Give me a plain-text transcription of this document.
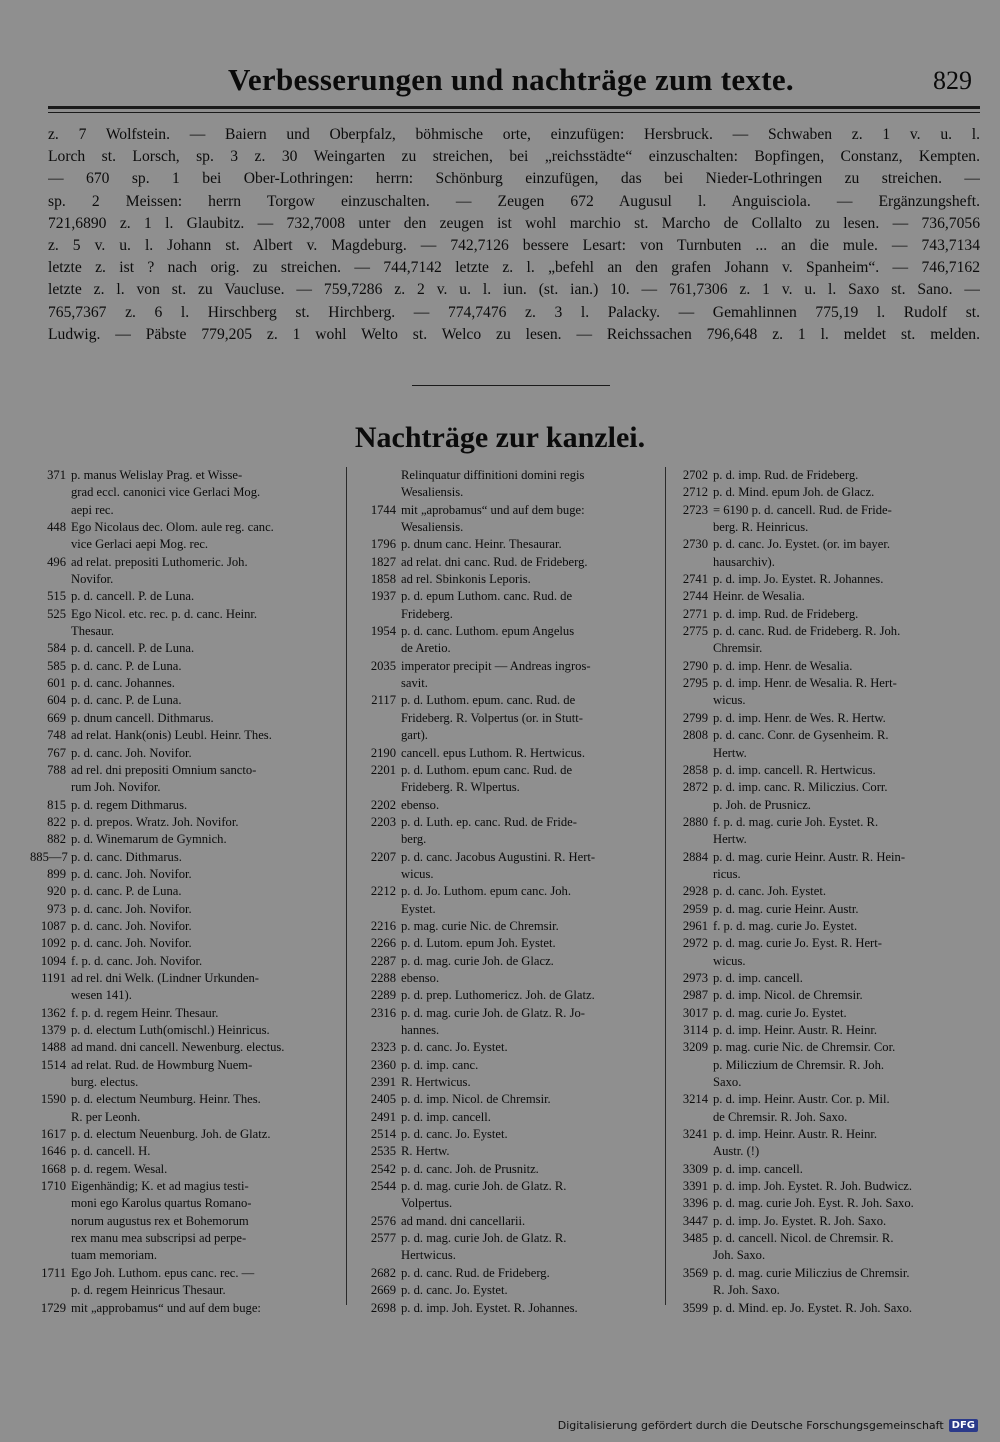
Verbesserungen und nachträge zum texte.	829
z. 7 Wolfstein. — Baiern und Oberpfalz, böhmische orte, einzufügen: Hersbruck. — Schwaben z. 1 v. u. l.
Lorch st. Lorsch, sp. 3 z. 30 Weingarten zu streichen, bei „reichsstädte“ einzuschalten: Bopfingen, Constanz, Kempten.
— 670 sp. 1 bei Ober-Lothringen: herrn: Schönburg einzufügen, das bei Nieder-Lothringen zu streichen. —
sp. 2 Meissen: herrn Torgow einzuschalten. — Zeugen 672 Augusul l. Anguisciola. — Ergänzungsheft.
721,6890 z. 1 l. Glaubitz. — 732,7008 unter den zeugen ist wohl marchio st. Marcho de Collalto zu lesen. — 736,7056
z. 5 v. u. l. Johann st. Albert v. Magdeburg. — 742,7126 bessere Lesart: von Turnbuten ... an die mule. — 743,7134
letzte z. ist ? nach orig. zu streichen. — 744,7142 letzte z. l. „befehl an den grafen Johann v. Spanheim“. — 746,7162
letzte z. l. von st. zu Vaucluse. — 759,7286 z. 2 v. u. l. iun. (st. ian.) 10. — 761,7306 z. 1 v. u. l. Saxo st. Sano. —
765,7367 z. 6 l. Hirschberg st. Hirchberg. — 774,7476 z. 3 l. Palacky. — Gemahlinnen 775,19 l. Rudolf st.
Ludwig. — Päbste 779,205 z. 1 wohl Welto st. Welco zu lesen. — Reichssachen 796,648 z. 1 l. meldet st. melden.
Nachträge zur kanzlei.
371 p. manus Welislay Prag. et Wisse-
grad eccl. canonici vice Gerlaci Mog.
aepi rec.
448 Ego Nicolaus dec. Olom. aule reg. canc.
vice Gerlaci aepi Mog. rec.
496 ad relat. prepositi Luthomeric. Joh.
Novifor.
515 p. d. cancell. P. de Luna.
525 Ego Nicol. etc. rec. p. d. canc. Heinr.
Thesaur.
584 p. d. cancell. P. de Luna.
585 p. d. canc. P. de Luna.
601 p. d. canc. Johannes.
604 p. d. canc. P. de Luna.
669 p. dnum cancell. Dithmarus.
748 ad relat. Hank(onis) Leubl. Heinr. Thes.
767 p. d. canc. Joh. Novifor.
788 ad rel. dni prepositi Omnium sancto-
rum Joh. Novifor.
815 p. d. regem Dithmarus.
822 p. d. prepos. Wratz. Joh. Novifor.
882 p. d. Winemarum de Gymnich.
885—7 p. d. canc. Dithmarus.
899 p. d. canc. Joh. Novifor.
920 p. d. canc. P. de Luna.
973 p. d. canc. Joh. Novifor.
1087 p. d. canc. Joh. Novifor.
1092 p. d. canc. Joh. Novifor.
1094 f. p. d. canc. Joh. Novifor.
1191 ad rel. dni Welk. (Lindner Urkunden-
wesen 141).
1362 f. p. d. regem Heinr. Thesaur.
1379 p. d. electum Luth(omischl.) Heinricus.
1488 ad mand. dni cancell. Newenburg. electus.
1514 ad relat. Rud. de Howmburg Nuem-
burg. electus.
1590 p. d. electum Neumburg. Heinr. Thes.
R. per Leonh.
1617 p. d. electum Neuenburg. Joh. de Glatz.
1646 p. d. cancell. H.
1668 p. d. regem. Wesal.
1710 Eigenhändig; K. et ad magius testi-
moni ego Karolus quartus Romano-
norum augustus rex et Bohemorum
rex manu mea subscripsi ad perpe-
tuam memoriam.
1711 Ego Joh. Luthom. epus canc. rec. —
p. d. regem Heinricus Thesaur.
1729 mit „approbamus“ und auf dem buge:
Relinquatur diffinitioni domini regis
Wesaliensis.
1744 mit „aprobamus“ und auf dem buge:
Wesaliensis.
1796 p. dnum canc. Heinr. Thesaurar.
1827 ad relat. dni canc. Rud. de Frideberg.
1858 ad rel. Sbinkonis Leporis.
1937 p. d. epum Luthom. canc. Rud. de
Frideberg.
1954 p. d. canc. Luthom. epum Angelus
de Aretio.
2035 imperator precipit — Andreas ingros-
savit.
2117 p. d. Luthom. epum. canc. Rud. de
Frideberg. R. Volpertus (or. in Stutt-
gart).
2190 cancell. epus Luthom. R. Hertwicus.
2201 p. d. Luthom. epum canc. Rud. de
Frideberg. R. Wlpertus.
2202 ebenso.
2203 p. d. Luth. ep. canc. Rud. de Fride-
berg.
2207 p. d. canc. Jacobus Augustini. R. Hert-
wicus.
2212 p. d. Jo. Luthom. epum canc. Joh.
Eystet.
2216 p. mag. curie Nic. de Chremsir.
2266 p. d. Lutom. epum Joh. Eystet.
2287 p. d. mag. curie Joh. de Glacz.
2288 ebenso.
2289 p. d. prep. Luthomericz. Joh. de Glatz.
2316 p. d. mag. curie Joh. de Glatz. R. Jo-
hannes.
2323 p. d. canc. Jo. Eystet.
2360 p. d. imp. canc.
2391 R. Hertwicus.
2405 p. d. imp. Nicol. de Chremsir.
2491 p. d. imp. cancell.
2514 p. d. canc. Jo. Eystet.
2535 R. Hertw.
2542 p. d. canc. Joh. de Prusnitz.
2544 p. d. mag. curie Joh. de Glatz. R.
Volpertus.
2576 ad mand. dni cancellarii.
2577 p. d. mag. curie Joh. de Glatz. R.
Hertwicus.
2682 p. d. canc. Rud. de Frideberg.
2669 p. d. canc. Jo. Eystet.
2698 p. d. imp. Joh. Eystet. R. Johannes.
2702 p. d. imp. Rud. de Frideberg.
2712 p. d. Mind. epum Joh. de Glacz.
2723 = 6190 p. d. cancell. Rud. de Fride-
berg. R. Heinricus.
2730 p. d. canc. Jo. Eystet. (or. im bayer.
hausarchiv).
2741 p. d. imp. Jo. Eystet. R. Johannes.
2744 Heinr. de Wesalia.
2771 p. d. imp. Rud. de Frideberg.
2775 p. d. canc. Rud. de Frideberg. R. Joh.
Chremsir.
2790 p. d. imp. Henr. de Wesalia.
2795 p. d. imp. Henr. de Wesalia. R. Hert-
wicus.
2799 p. d. imp. Henr. de Wes. R. Hertw.
2808 p. d. canc. Conr. de Gysenheim. R.
Hertw.
2858 p. d. imp. cancell. R. Hertwicus.
2872 p. d. imp. canc. R. Miliczius. Corr.
p. Joh. de Prusnicz.
2880 f. p. d. mag. curie Joh. Eystet. R.
Hertw.
2884 p. d. mag. curie Heinr. Austr. R. Hein-
ricus.
2928 p. d. canc. Joh. Eystet.
2959 p. d. mag. curie Heinr. Austr.
2961 f. p. d. mag. curie Jo. Eystet.
2972 p. d. mag. curie Jo. Eyst. R. Hert-
wicus.
2973 p. d. imp. cancell.
2987 p. d. imp. Nicol. de Chremsir.
3017 p. d. mag. curie Jo. Eystet.
3114 p. d. imp. Heinr. Austr. R. Heinr.
3209 p. mag. curie Nic. de Chremsir. Cor.
p. Miliczium de Chremsir. R. Joh.
Saxo.
3214 p. d. imp. Heinr. Austr. Cor. p. Mil.
de Chremsir. R. Joh. Saxo.
3241 p. d. imp. Heinr. Austr. R. Heinr.
Austr. (!)
3309 p. d. imp. cancell.
3391 p. d. imp. Joh. Eystet. R. Joh. Budwicz.
3396 p. d. mag. curie Joh. Eyst. R. Joh. Saxo.
3447 p. d. imp. Jo. Eystet. R. Joh. Saxo.
3485 p. d. cancell. Nicol. de Chremsir. R.
Joh. Saxo.
3569 p. d. mag. curie Miliczius de Chremsir.
R. Joh. Saxo.
3599 p. d. Mind. ep. Jo. Eystet. R. Joh. Saxo.
Digitalisierung gefördert durch die Deutsche Forschungsgemeinschaft DFG
